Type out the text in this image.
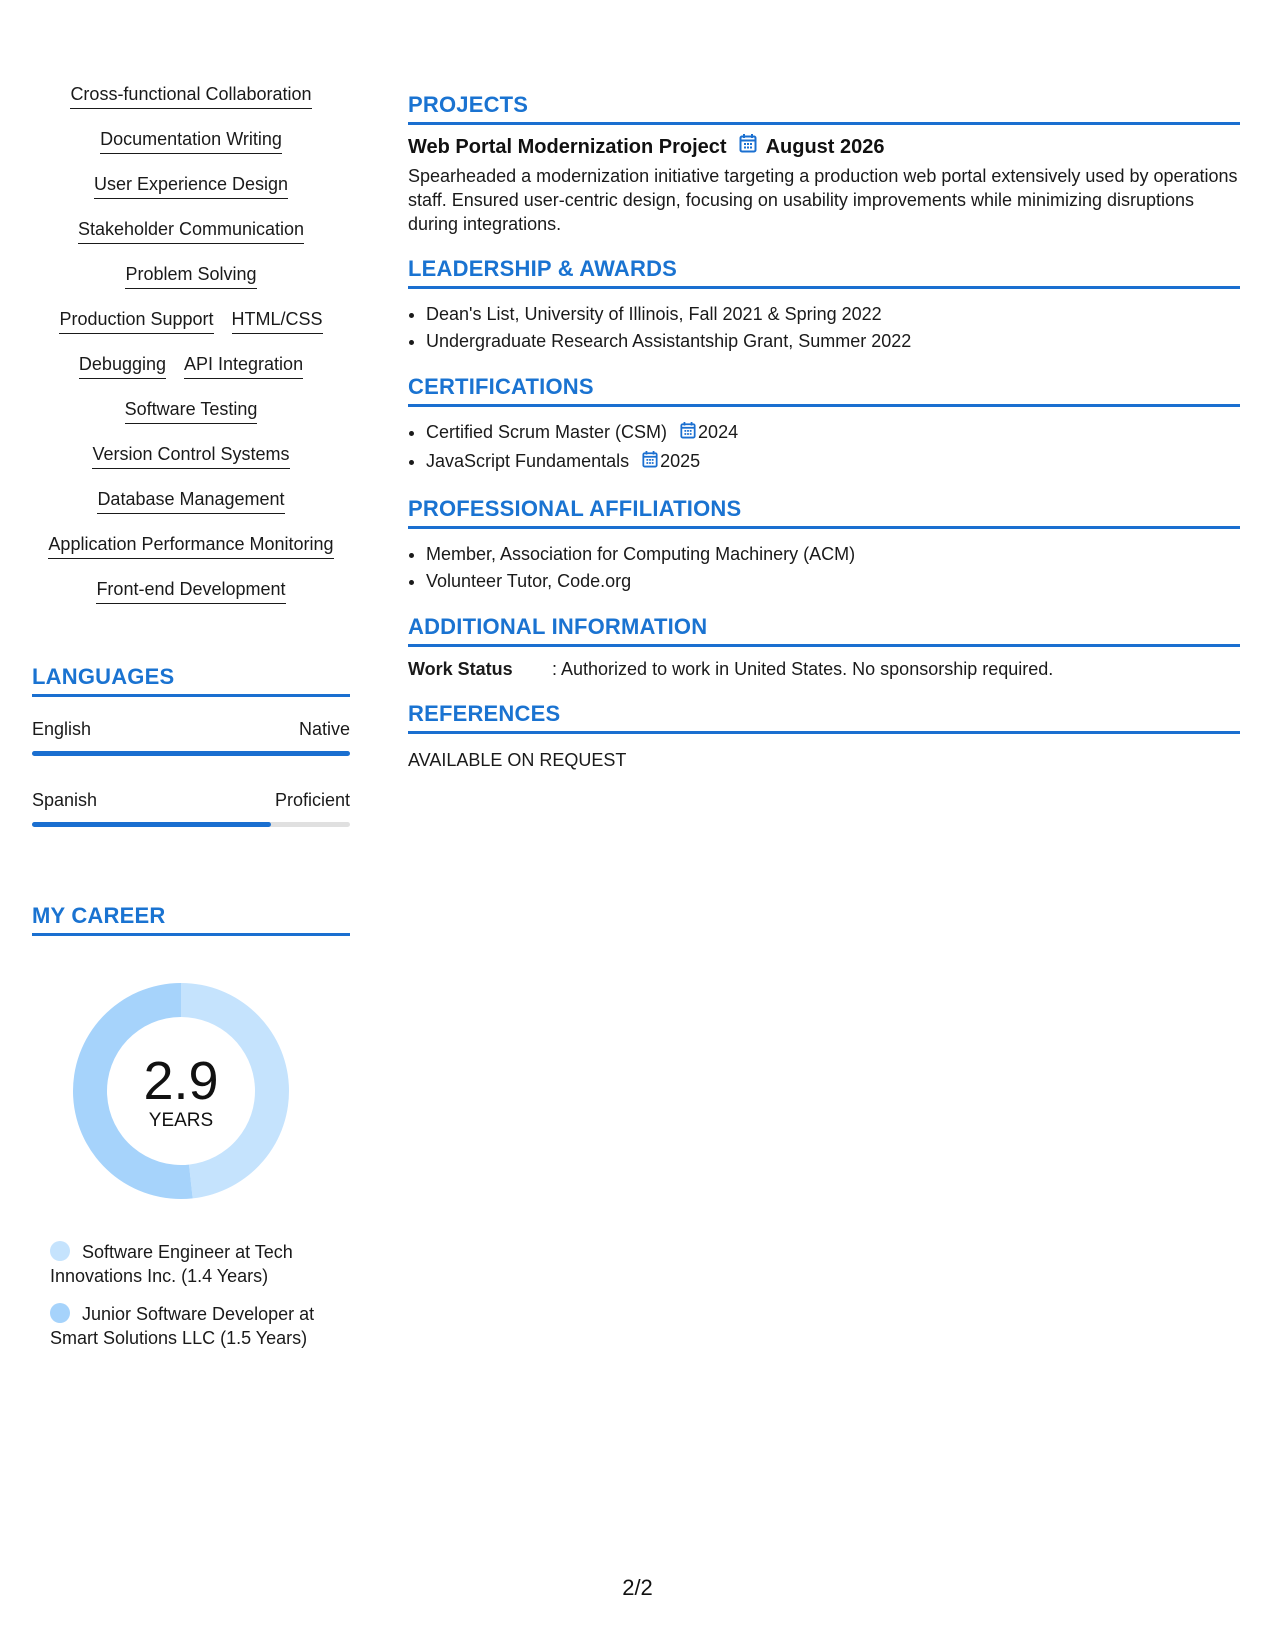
Cross-functional Collaboration
Documentation Writing
User Experience Design
Stakeholder Communication
Problem Solving
Production Support HTML/CSS
Debugging API Integration
Software Testing
Version Control Systems
Database Management
Application Performance Monitoring
Front-end Development
LANGUAGES
English	Native
Spanish	Proficient
MY CAREER
2.9
YEARS
Software Engineer at Tech Innovations Inc. (1.4 Years)
Junior Software Developer at Smart Solutions LLC (1.5 Years)
PROJECTS
Web Portal Modernization Project August 2026
Spearheaded a modernization initiative targeting a production web portal extensively used by operations staff. Ensured user-centric design, focusing on usability improvements while minimizing disruptions during integrations.
LEADERSHIP & AWARDS
• Dean's List, University of Illinois, Fall 2021 & Spring 2022
• Undergraduate Research Assistantship Grant, Summer 2022
CERTIFICATIONS
• Certified Scrum Master (CSM) 2024
• JavaScript Fundamentals 2025
PROFESSIONAL AFFILIATIONS
• Member, Association for Computing Machinery (ACM)
• Volunteer Tutor, Code.org
ADDITIONAL INFORMATION
Work Status	: Authorized to work in United States. No sponsorship required.
REFERENCES
AVAILABLE ON REQUEST
2/2
